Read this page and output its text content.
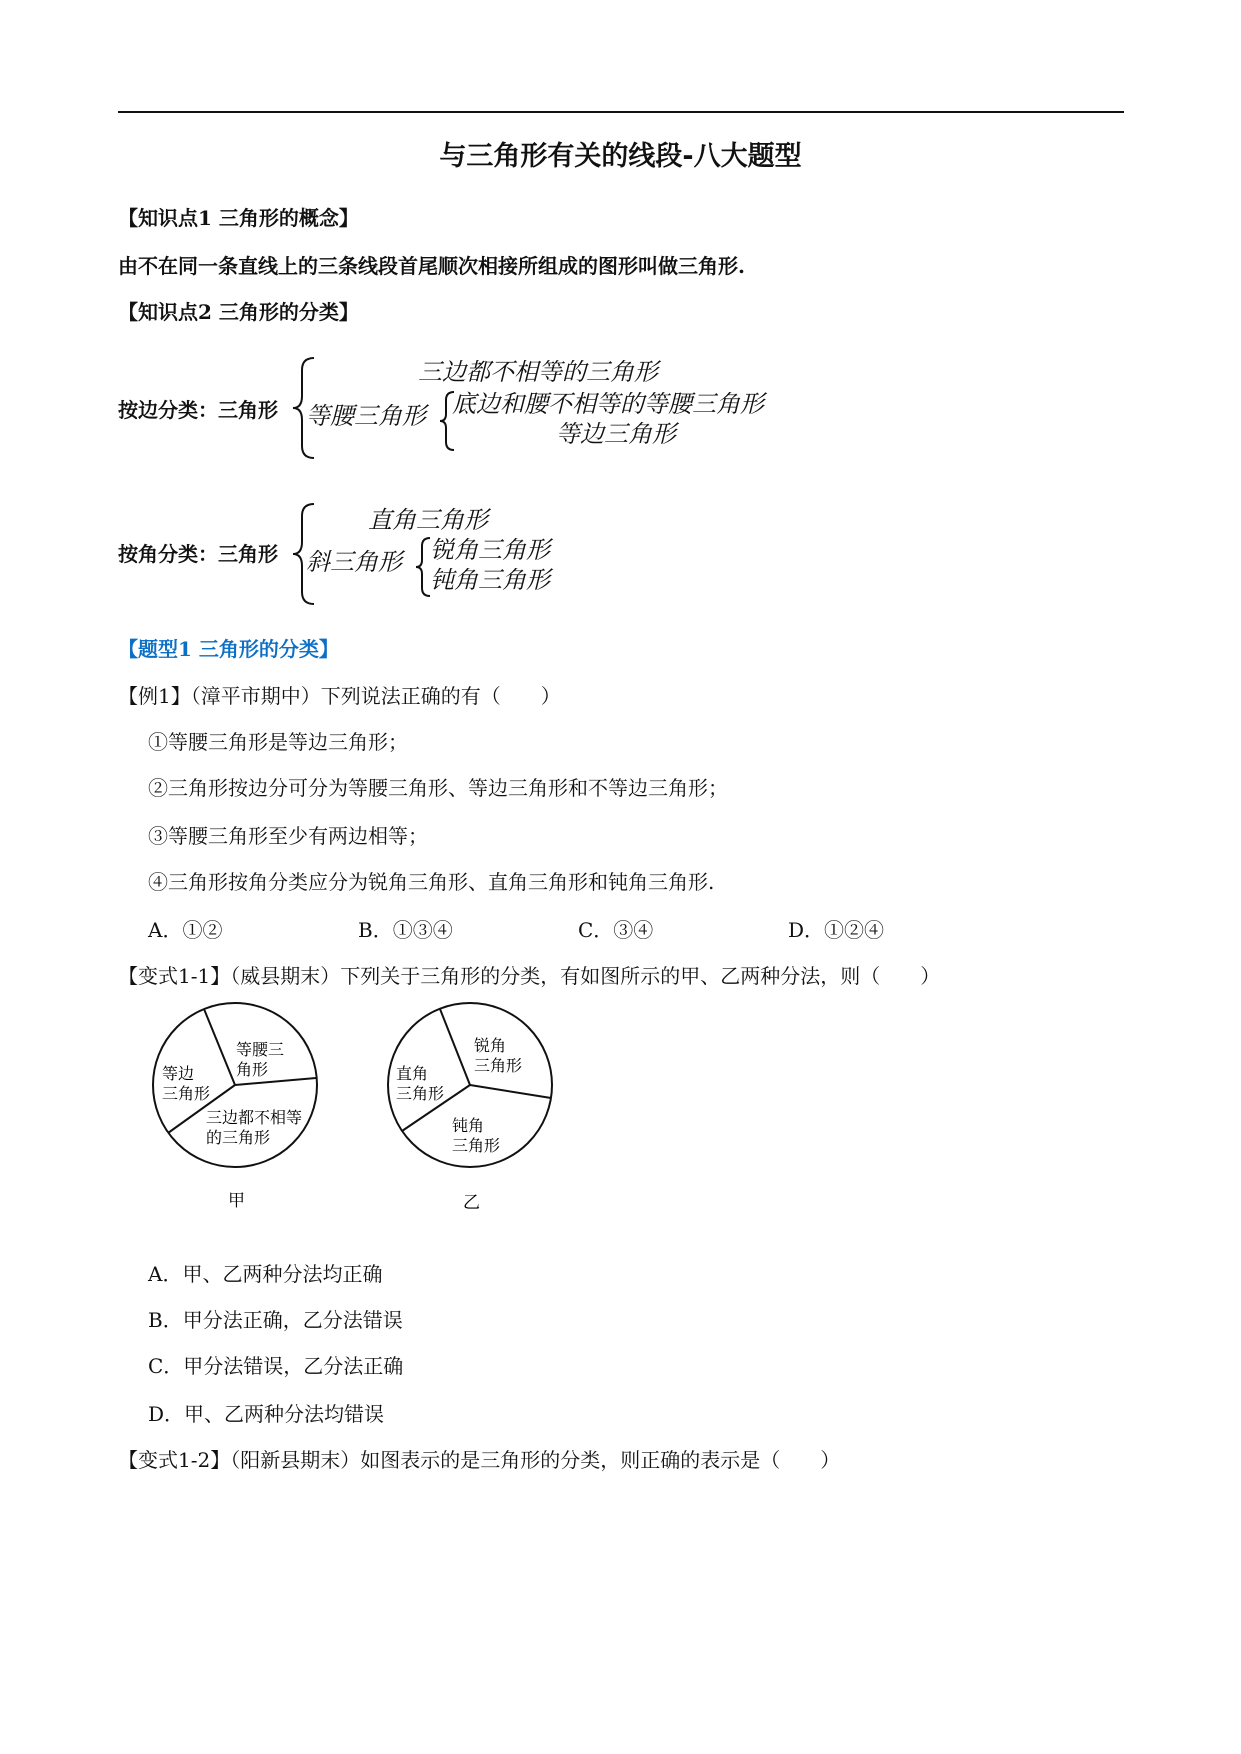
与三角形有关的线段-八大题型
【知识点1 三角形的概念】
由不在同一条直线上的三条线段首尾顺次相接所组成的图形叫做三角形.
【知识点2 三角形的分类】
按边分类：三角形
三边都不相等的三角形
等腰三角形 底边和腰不相等的等腰三角形
等边三角形
按角分类：三角形
直角三角形
斜三角形 锐角三角形
钝角三角形
【题型1 三角形的分类】
【例1】（漳平市期中）下列说法正确的有（　　）
①等腰三角形是等边三角形；
②三角形按边分可分为等腰三角形、等边三角形和不等边三角形；
③等腰三角形至少有两边相等；
④三角形按角分类应分为锐角三角形、直角三角形和钝角三角形.
A．①②	B．①③④	C．③④	D．①②④
【变式1-1】（威县期末）下列关于三角形的分类，有如图所示的甲、乙两种分法，则（　　）
等边
三角形
等腰三
角形
三边都不相等
的三角形
甲
直角
三角形
锐角
三角形
钝角
三角形
乙
A．甲、乙两种分法均正确
B．甲分法正确，乙分法错误
C．甲分法错误，乙分法正确
D．甲、乙两种分法均错误
【变式1-2】（阳新县期末）如图表示的是三角形的分类，则正确的表示是（　　）
